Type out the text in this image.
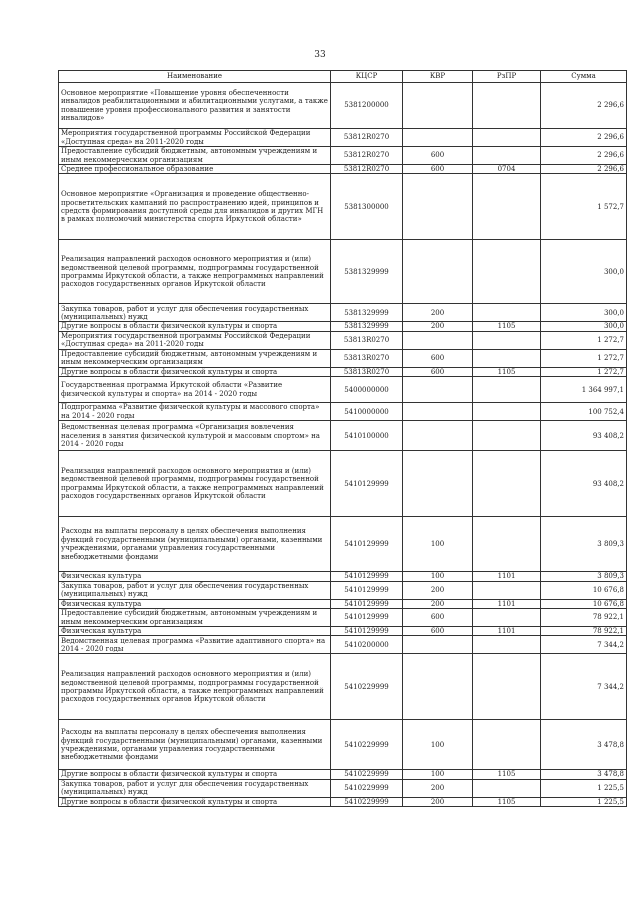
33
Наименование	КЦСР	КВР	РзПР	Сумма
Основное мероприятие «Повышение уровня обеспеченности инвалидов реабилитационными и абилитационными услугами, а также повышение уровня профессионального развития и занятости инвалидов»	5381200000			2 296,6
Мероприятия государственной программы Российской Федерации «Доступная среда» на 2011-2020 годы	53812R0270			2 296,6
Предоставление субсидий бюджетным, автономным учреждениям и иным некоммерческим организациям	53812R0270	600		2 296,6
Среднее профессиональное образование	53812R0270	600	0704	2 296,6
Основное мероприятие «Организация и проведение общественно-просветительских кампаний по распространению идей, принципов и средств формирования доступной среды для инвалидов и других МГН в рамках полномочий министерства спорта Иркутской области»	5381300000			1 572,7
Реализация направлений расходов основного мероприятия и (или) ведомственной целевой программы, подпрограммы государственной программы Иркутской области, а также непрограммных направлений расходов государственных органов Иркутской области	5381329999			300,0
Закупка товаров, работ и услуг для обеспечения государственных (муниципальных) нужд	5381329999	200		300,0
Другие вопросы в области физической культуры и спорта	5381329999	200	1105	300,0
Мероприятия государственной программы Российской Федерации «Доступная среда» на 2011-2020 годы	53813R0270			1 272,7
Предоставление субсидий бюджетным, автономным учреждениям и иным некоммерческим организациям	53813R0270	600		1 272,7
Другие вопросы в области физической культуры и спорта	53813R0270	600	1105	1 272,7
Государственная программа Иркутской области «Развитие физической культуры и спорта» на 2014 - 2020 годы	5400000000			1 364 997,1
Подпрограмма «Развитие физической культуры и массового спорта» на 2014 - 2020 годы	5410000000			100 752,4
Ведомственная целевая программа «Организация вовлечения населения в занятия физической культурой и массовым спортом» на 2014 - 2020 годы	5410100000			93 408,2
Реализация направлений расходов основного мероприятия и (или) ведомственной целевой программы, подпрограммы государственной программы Иркутской области, а также непрограммных направлений расходов государственных органов Иркутской области	5410129999			93 408,2
Расходы на выплаты персоналу в целях обеспечения выполнения функций государственными (муниципальными) органами, казенными учреждениями, органами управления государственными внебюджетными фондами	5410129999	100		3 809,3
Физическая культура	5410129999	100	1101	3 809,3
Закупка товаров, работ и услуг для обеспечения государственных (муниципальных) нужд	5410129999	200		10 676,8
Физическая культура	5410129999	200	1101	10 676,8
Предоставление субсидий бюджетным, автономным учреждениям и иным некоммерческим организациям	5410129999	600		78 922,1
Физическая культура	5410129999	600	1101	78 922,1
Ведомственная целевая программа «Развитие адаптивного спорта» на 2014 - 2020 годы	5410200000			7 344,2
Реализация направлений расходов основного мероприятия и (или) ведомственной целевой программы, подпрограммы государственной программы Иркутской области, а также непрограммных направлений расходов государственных органов Иркутской области	5410229999			7 344,2
Расходы на выплаты персоналу в целях обеспечения выполнения функций государственными (муниципальными) органами, казенными учреждениями, органами управления государственными внебюджетными фондами	5410229999	100		3 478,8
Другие вопросы в области физической культуры и спорта	5410229999	100	1105	3 478,8
Закупка товаров, работ и услуг для обеспечения государственных (муниципальных) нужд	5410229999	200		1 225,5
Другие вопросы в области физической культуры и спорта	5410229999	200	1105	1 225,5
